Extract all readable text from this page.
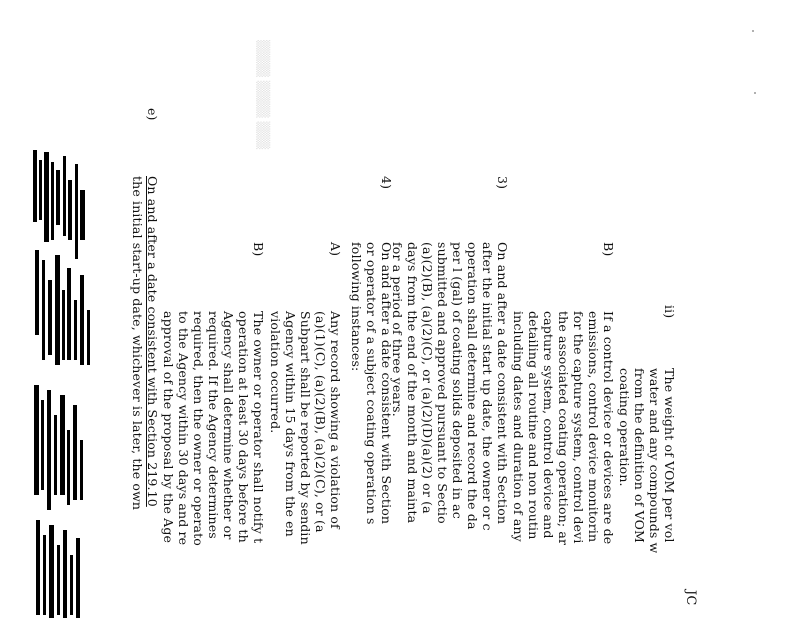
▒▒▒▒ ▒▒▒▒ ▒▒▒
JC
ii)
The weight of VOM per vol
water and any compounds w
from the definition of VOM
coating operation.
B)
If a control device or devices are de
emissions, control device monitorin
for the capture system, control devi
the associated coating operation; ar
capture system, control device and
detailing all routine and non routin
including dates and duration of any
3)
On and after a date consistent with Section
after the initial start up date, the owner or c
operation shall determine and record the da
per l (gal) of coating solids deposited in ac
submitted and approved pursuant to Sectio
(a)(2)(B), (a)(2)(C), or (a)(2)(D)(a)(2) or (a
days from the end of the month and mainta
for a period of three years.
4)
On and after a date consistent with Section
or operator of a subject coating operation s
following instances:
A)
Any record showing a violation of
(a)(1)(C), (a)(2)(B), (a)(2)(C), or (a
Subpart shall be reported by sendin
Agency within 15 days from the en
violation occurred.
B)
The owner or operator shall notify t
operation at least 30 days before th
Agency shall determine whether or
required. If the Agency determines
required, then the owner or operato
to the Agency within 30 days and re
approval of the proposal by the Age
e)
On and after a date consistent with Section 219.10
the initial start-up date, whichever is later, the own
